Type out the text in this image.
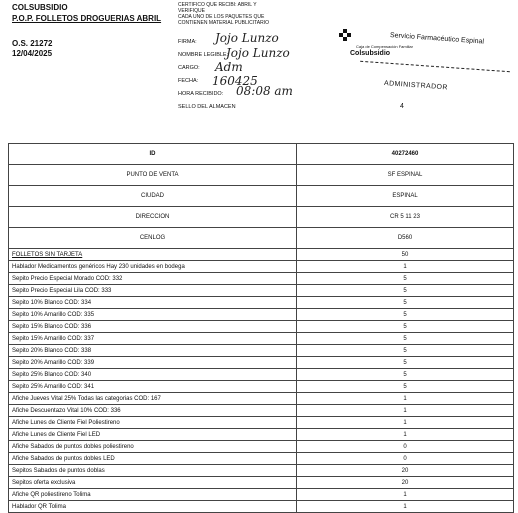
COLSUBSIDIO
P.O.P. FOLLETOS DROGUERIAS ABRIL
O.S. 21272
12/04/2025
CERTIFICO QUE RECIBI: ABRIL Y
VERIFIQUE
CADA UNO DE LOS PAQUETES QUE
CONTIENEN MATERIAL PUBLICITARIO
FIRMA: Jojo Lunzo
NOMBRE LEGIBLE:
Jojo Lunzo
CARGO: Adm
FECHA: 160425
HORA RECIBIDO: 08:08 am
SELLO DEL ALMACEN
Caja de Compensación Familiar
Colsubsidio
Servicio Farmacéutico Espinal
ADMINISTRADOR
4
ID	40272460
PUNTO DE VENTA	SF ESPINAL
CIUDAD	ESPINAL
DIRECCION	CR 5 11 23
CENLOG	D560
FOLLETOS SIN TARJETA	50
Hablador Medicamentos genéricos Hay 230 unidades en bodega	1
Sepito Precio Especial Morado COD: 332	5
Sepito Precio Especial Lila COD: 333	5
Sepito 10% Blanco COD: 334	5
Sepito 10% Amarillo COD: 335	5
Sepito 15% Blanco COD: 336	5
Sepito 15% Amarillo COD: 337	5
Sepito 20% Blanco COD: 338	5
Sepito 20% Amarillo COD: 339	5
Sepito 25% Blanco COD: 340	5
Sepito 25% Amarillo COD: 341	5
Afiche Jueves Vital 25% Todas las categorias COD: 167	1
Afiche Descuentazo Vital 10% COD: 336	1
Afiche Lunes de Cliente Fiel Poliestireno	1
Afiche Lunes de Cliente Fiel LED	1
Afiche Sabados de puntos dobles poliestireno	0
Afiche Sabados de puntos dobles LED	0
Sepitos Sabados de puntos doblas	20
Sepitos oferta exclusiva	20
Afiche QR poliestireno Tolima	1
Hablador QR Tolima	1
